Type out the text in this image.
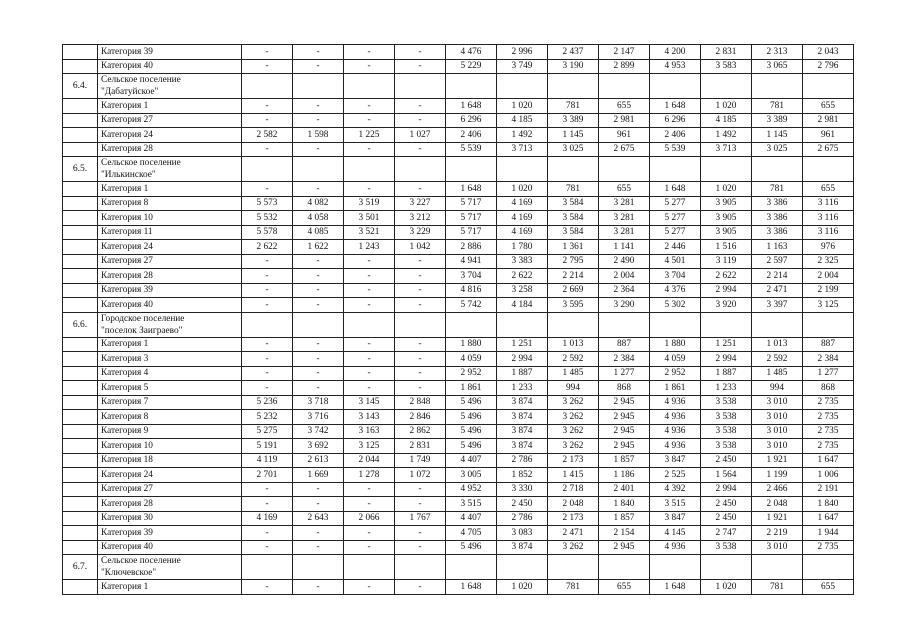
	Категория 39	-	-	-	-	4 476	2 996	2 437	2 147	4 200	2 831	2 313	2 043
	Категория 40	-	-	-	-	5 229	3 749	3 190	2 899	4 953	3 583	3 065	2 796
6.4.	Сельское поселение
"Дабатуйское"												

	Категория 1	-	-	-	-	1 648	1 020	781	655	1 648	1 020	781	655
	Категория 27	-	-	-	-	6 296	4 185	3 389	2 981	6 296	4 185	3 389	2 981
	Категория 24	2 582	1 598	1 225	1 027	2 406	1 492	1 145	961	2 406	1 492	1 145	961
	Категория 28	-	-	-	-	5 539	3 713	3 025	2 675	5 539	3 713	3 025	2 675
6.5.	Сельское поселение
"Илькинское"												

	Категория 1	-	-	-	-	1 648	1 020	781	655	1 648	1 020	781	655
	Категория 8	5 573	4 082	3 519	3 227	5 717	4 169	3 584	3 281	5 277	3 905	3 386	3 116
	Категория 10	5 532	4 058	3 501	3 212	5 717	4 169	3 584	3 281	5 277	3 905	3 386	3 116
	Категория 11	5 578	4 085	3 521	3 229	5 717	4 169	3 584	3 281	5 277	3 905	3 386	3 116
	Категория 24	2 622	1 622	1 243	1 042	2 886	1 780	1 361	1 141	2 446	1 516	1 163	976
	Категория 27	-	-	-	-	4 941	3 383	2 795	2 490	4 501	3 119	2 597	2 325
	Категория 28	-	-	-	-	3 704	2 622	2 214	2 004	3 704	2 622	2 214	2 004
	Категория 39	-	-	-	-	4 816	3 258	2 669	2 364	4 376	2 994	2 471	2 199
	Категория 40	-	-	-	-	5 742	4 184	3 595	3 290	5 302	3 920	3 397	3 125
6.6.	Городское поселение
"поселок Заиграево"												

	Категория 1	-	-	-	-	1 880	1 251	1 013	887	1 880	1 251	1 013	887
	Категория 3	-	-	-	-	4 059	2 994	2 592	2 384	4 059	2 994	2 592	2 384
	Категория 4	-	-	-	-	2 952	1 887	1 485	1 277	2 952	1 887	1 485	1 277
	Категория 5	-	-	-	-	1 861	1 233	994	868	1 861	1 233	994	868
	Категория 7	5 236	3 718	3 145	2 848	5 496	3 874	3 262	2 945	4 936	3 538	3 010	2 735
	Категория 8	5 232	3 716	3 143	2 846	5 496	3 874	3 262	2 945	4 936	3 538	3 010	2 735
	Категория 9	5 275	3 742	3 163	2 862	5 496	3 874	3 262	2 945	4 936	3 538	3 010	2 735
	Категория 10	5 191	3 692	3 125	2 831	5 496	3 874	3 262	2 945	4 936	3 538	3 010	2 735
	Категория 18	4 119	2 613	2 044	1 749	4 407	2 786	2 173	1 857	3 847	2 450	1 921	1 647
	Категория 24	2 701	1 669	1 278	1 072	3 005	1 852	1 415	1 186	2 525	1 564	1 199	1 006
	Категория 27	-	-	-	-	4 952	3 330	2 718	2 401	4 392	2 994	2 466	2 191
	Категория 28	-	-	-	-	3 515	2 450	2 048	1 840	3 515	2 450	2 048	1 840
	Категория 30	4 169	2 643	2 066	1 767	4 407	2 786	2 173	1 857	3 847	2 450	1 921	1 647
	Категория 39	-	-	-	-	4 705	3 083	2 471	2 154	4 145	2 747	2 219	1 944
	Категория 40	-	-	-	-	5 496	3 874	3 262	2 945	4 936	3 538	3 010	2 735
6.7.	Сельское поселение
"Ключевское"												

	Категория 1	-	-	-	-	1 648	1 020	781	655	1 648	1 020	781	655
